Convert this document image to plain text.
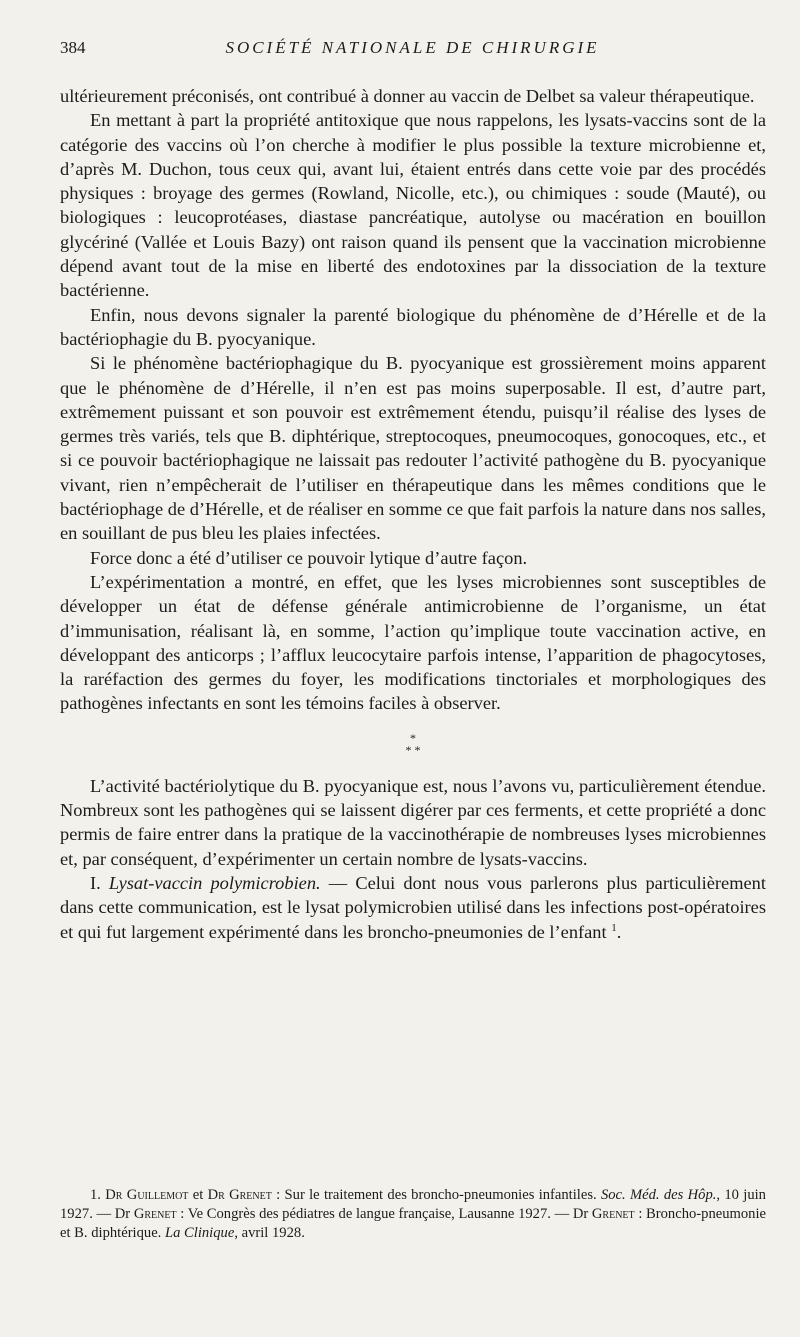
384	SOCIÉTÉ NATIONALE DE CHIRURGIE

ultérieurement préconisés, ont contribué à donner au vaccin de Delbet sa valeur thérapeutique.

En mettant à part la propriété antitoxique que nous rappelons, les lysats-vaccins sont de la catégorie des vaccins où l’on cherche à modifier le plus possible la texture microbienne et, d’après M. Duchon, tous ceux qui, avant lui, étaient entrés dans cette voie par des procédés physiques : broyage des germes (Rowland, Nicolle, etc.), ou chimiques : soude (Mauté), ou biologiques : leucoprotéases, diastase pancréatique, autolyse ou macération en bouillon glycériné (Vallée et Louis Bazy) ont raison quand ils pensent que la vaccination microbienne dépend avant tout de la mise en liberté des endotoxines par la dissociation de la texture bactérienne.

Enfin, nous devons signaler la parenté biologique du phénomène de d’Hérelle et de la bactériophagie du B. pyocyanique.

Si le phénomène bactériophagique du B. pyocyanique est grossièrement moins apparent que le phénomène de d’Hérelle, il n’en est pas moins superposable. Il est, d’autre part, extrêmement puissant et son pouvoir est extrêmement étendu, puisqu’il réalise des lyses de germes très variés, tels que B. diphtérique, streptocoques, pneumocoques, gonocoques, etc., et si ce pouvoir bactériophagique ne laissait pas redouter l’activité pathogène du B. pyocyanique vivant, rien n’empêcherait de l’utiliser en thérapeutique dans les mêmes conditions que le bactériophage de d’Hérelle, et de réaliser en somme ce que fait parfois la nature dans nos salles, en souillant de pus bleu les plaies infectées.

Force donc a été d’utiliser ce pouvoir lytique d’autre façon.

L’expérimentation a montré, en effet, que les lyses microbiennes sont susceptibles de développer un état de défense générale antimicrobienne de l’organisme, un état d’immunisation, réalisant là, en somme, l’action qu’implique toute vaccination active, en développant des anticorps ; l’afflux leucocytaire parfois intense, l’apparition de phagocytoses, la raréfaction des germes du foyer, les modifications tinctoriales et morphologiques des pathogènes infectants en sont les témoins faciles à observer.

*
* *

L’activité bactériolytique du B. pyocyanique est, nous l’avons vu, particulièrement étendue. Nombreux sont les pathogènes qui se laissent digérer par ces ferments, et cette propriété a donc permis de faire entrer dans la pratique de la vaccinothérapie de nombreuses lyses microbiennes et, par conséquent, d’expérimenter un certain nombre de lysats-vaccins.

I. Lysat-vaccin polymicrobien. — Celui dont nous vous parlerons plus particulièrement dans cette communication, est le lysat polymicrobien utilisé dans les infections post-opératoires et qui fut largement expérimenté dans les broncho-pneumonies de l’enfant $^1$.

1. Dr Guillemot et Dr Grenet : Sur le traitement des broncho-pneumonies infantiles. Soc. Méd. des Hôp., 10 juin 1927. — Dr Grenet : Ve Congrès des pédiatres de langue française, Lausanne 1927. — Dr Grenet : Broncho-pneumonie et B. diphtérique. La Clinique, avril 1928.
